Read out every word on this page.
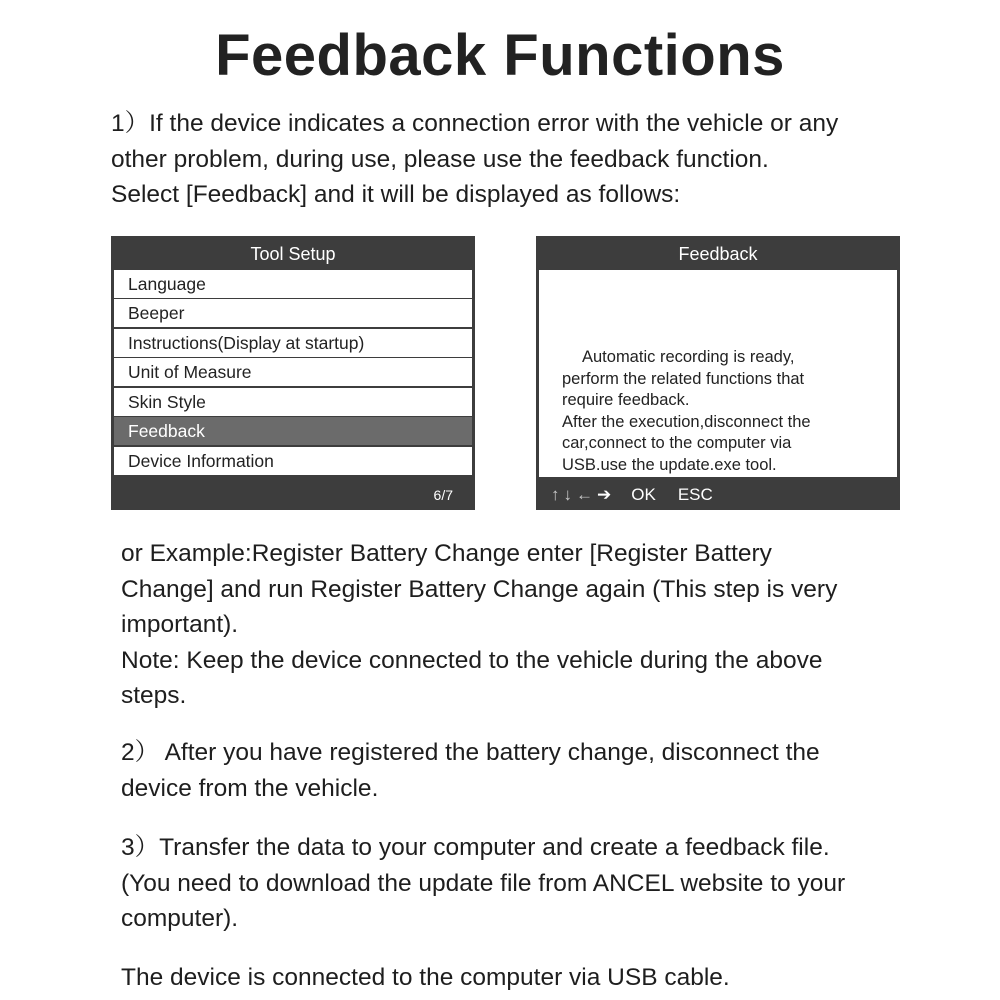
Feedback Functions
1）If the device indicates a connection error with the vehicle or any
other problem, during use, please use the feedback function.
Select [Feedback] and it will be displayed as follows:
Tool Setup
Language
Beeper
Instructions(Display at startup)
Unit of Measure
Skin Style
Feedback
Device Information
6/7
Feedback
Automatic recording is ready,
perform the related functions that
require feedback.
After the execution,disconnect the
car,connect to the computer via
USB.use the update.exe tool.
↑ ↓ ← ➔ OK ESC
or Example:Register Battery Change enter [Register Battery
Change] and run Register Battery Change again (This step is very
important).
Note: Keep the device connected to the vehicle during the above
steps.
2） After you have registered the battery change, disconnect the
device from the vehicle.
3）Transfer the data to your computer and create a feedback file.
(You need to download the update file from ANCEL website to your
computer).
The device is connected to the computer via USB cable.
